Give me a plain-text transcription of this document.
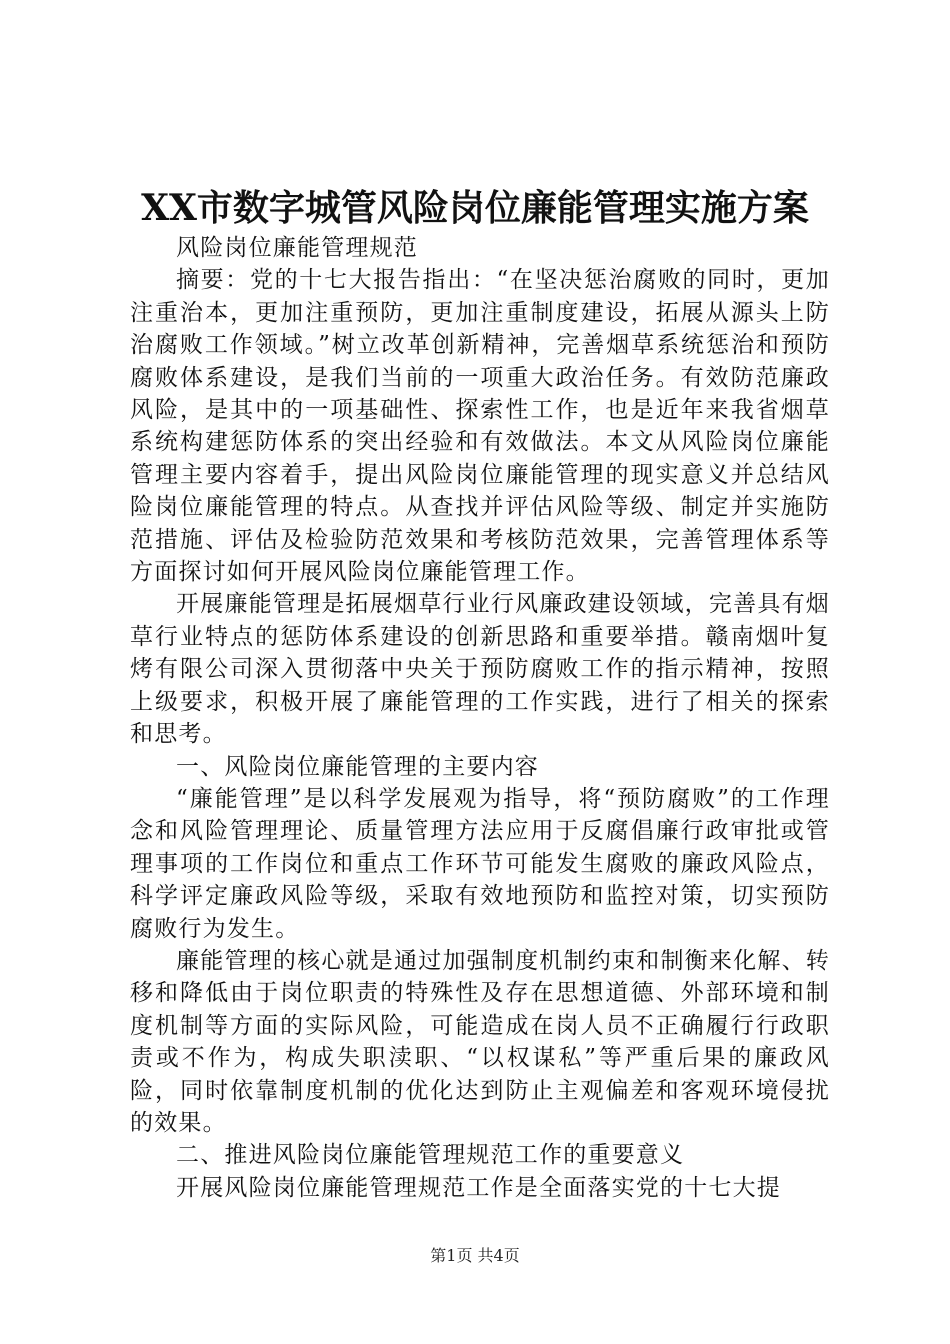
XX市数字城管风险岗位廉能管理实施方案

风险岗位廉能管理规范

摘要：党的十七大报告指出：“在坚决惩治腐败的同时，更加注重治本，更加注重预防，更加注重制度建设，拓展从源头上防治腐败工作领域。”树立改革创新精神，完善烟草系统惩治和预防腐败体系建设，是我们当前的一项重大政治任务。有效防范廉政风险，是其中的一项基础性、探索性工作，也是近年来我省烟草系统构建惩防体系的突出经验和有效做法。本文从风险岗位廉能管理主要内容着手，提出风险岗位廉能管理的现实意义并总结风险岗位廉能管理的特点。从查找并评估风险等级、制定并实施防范措施、评估及检验防范效果和考核防范效果，完善管理体系等方面探讨如何开展风险岗位廉能管理工作。

开展廉能管理是拓展烟草行业行风廉政建设领域，完善具有烟草行业特点的惩防体系建设的创新思路和重要举措。赣南烟叶复烤有限公司深入贯彻落中央关于预防腐败工作的指示精神，按照上级要求，积极开展了廉能管理的工作实践，进行了相关的探索和思考。

一、风险岗位廉能管理的主要内容

“廉能管理”是以科学发展观为指导，将“预防腐败”的工作理念和风险管理理论、质量管理方法应用于反腐倡廉行政审批或管理事项的工作岗位和重点工作环节可能发生腐败的廉政风险点，科学评定廉政风险等级，采取有效地预防和监控对策，切实预防腐败行为发生。

廉能管理的核心就是通过加强制度机制约束和制衡来化解、转移和降低由于岗位职责的特殊性及存在思想道德、外部环境和制度机制等方面的实际风险，可能造成在岗人员不正确履行行政职责或不作为，构成失职渎职、“以权谋私”等严重后果的廉政风险，同时依靠制度机制的优化达到防止主观偏差和客观环境侵扰的效果。

二、推进风险岗位廉能管理规范工作的重要意义

开展风险岗位廉能管理规范工作是全面落实党的十七大提

第1页 共4页
